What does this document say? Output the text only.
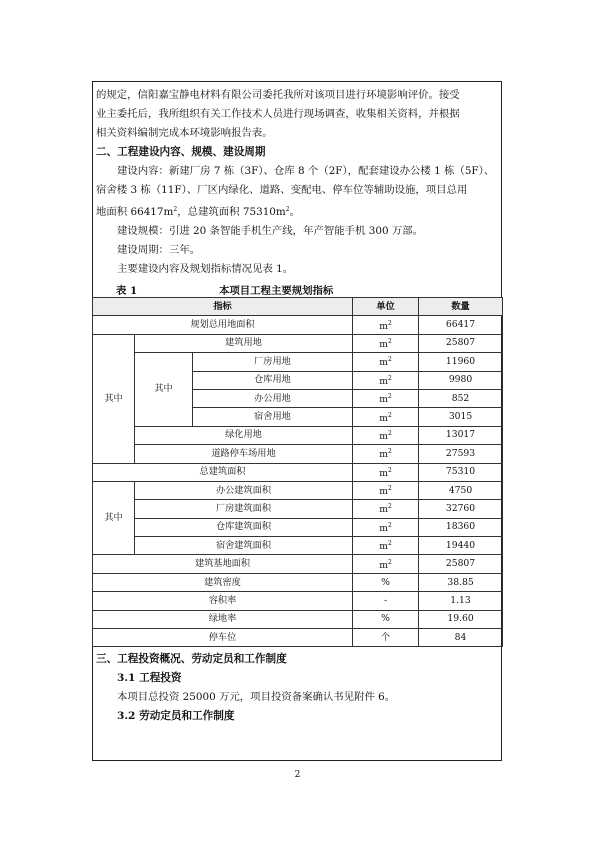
的规定，信阳嘉宝静电材料有限公司委托我所对该项目进行环境影响评价。接受

业主委托后，我所组织有关工作技术人员进行现场调查，收集相关资料，并根据

相关资料编制完成本环境影响报告表。

二、工程建设内容、规模、建设周期

建设内容：新建厂房 7 栋（3F）、仓库 8 个（2F），配套建设办公楼 1 栋（5F）、

宿舍楼 3 栋（11F）、厂区内绿化、道路、变配电、停车位等辅助设施，项目总用

地面积 $66417m^2$，总建筑面积 $75310m^2$。

建设规模：引进 20 条智能手机生产线，年产智能手机 300 万部。

建设周期：三年。

主要建设内容及规划指标情况见表 1。

表 1	本项目工程主要规划指标
指标			单位	数量
规划总用地面积			$m^2$	66417
其中	建筑用地		$m^2$	25807
	其中	厂房用地	$m^2$	11960
		仓库用地	$m^2$	9980
		办公用地	$m^2$	852
		宿舍用地	$m^2$	3015
	绿化用地		$m^2$	13017
	道路停车场用地		$m^2$	27593
总建筑面积			$m^2$	75310
其中	办公建筑面积		$m^2$	4750
	厂房建筑面积		$m^2$	32760
	仓库建筑面积		$m^2$	18360
	宿舍建筑面积		$m^2$	19440
建筑基地面积			$m^2$	25807
建筑密度			%	38.85
容积率			-	1.13
绿地率			%	19.60
停车位			个	84

三、工程投资概况、劳动定员和工作制度

3.1 工程投资

本项目总投资 25000 万元，项目投资备案确认书见附件 6。

3.2 劳动定员和工作制度

2
